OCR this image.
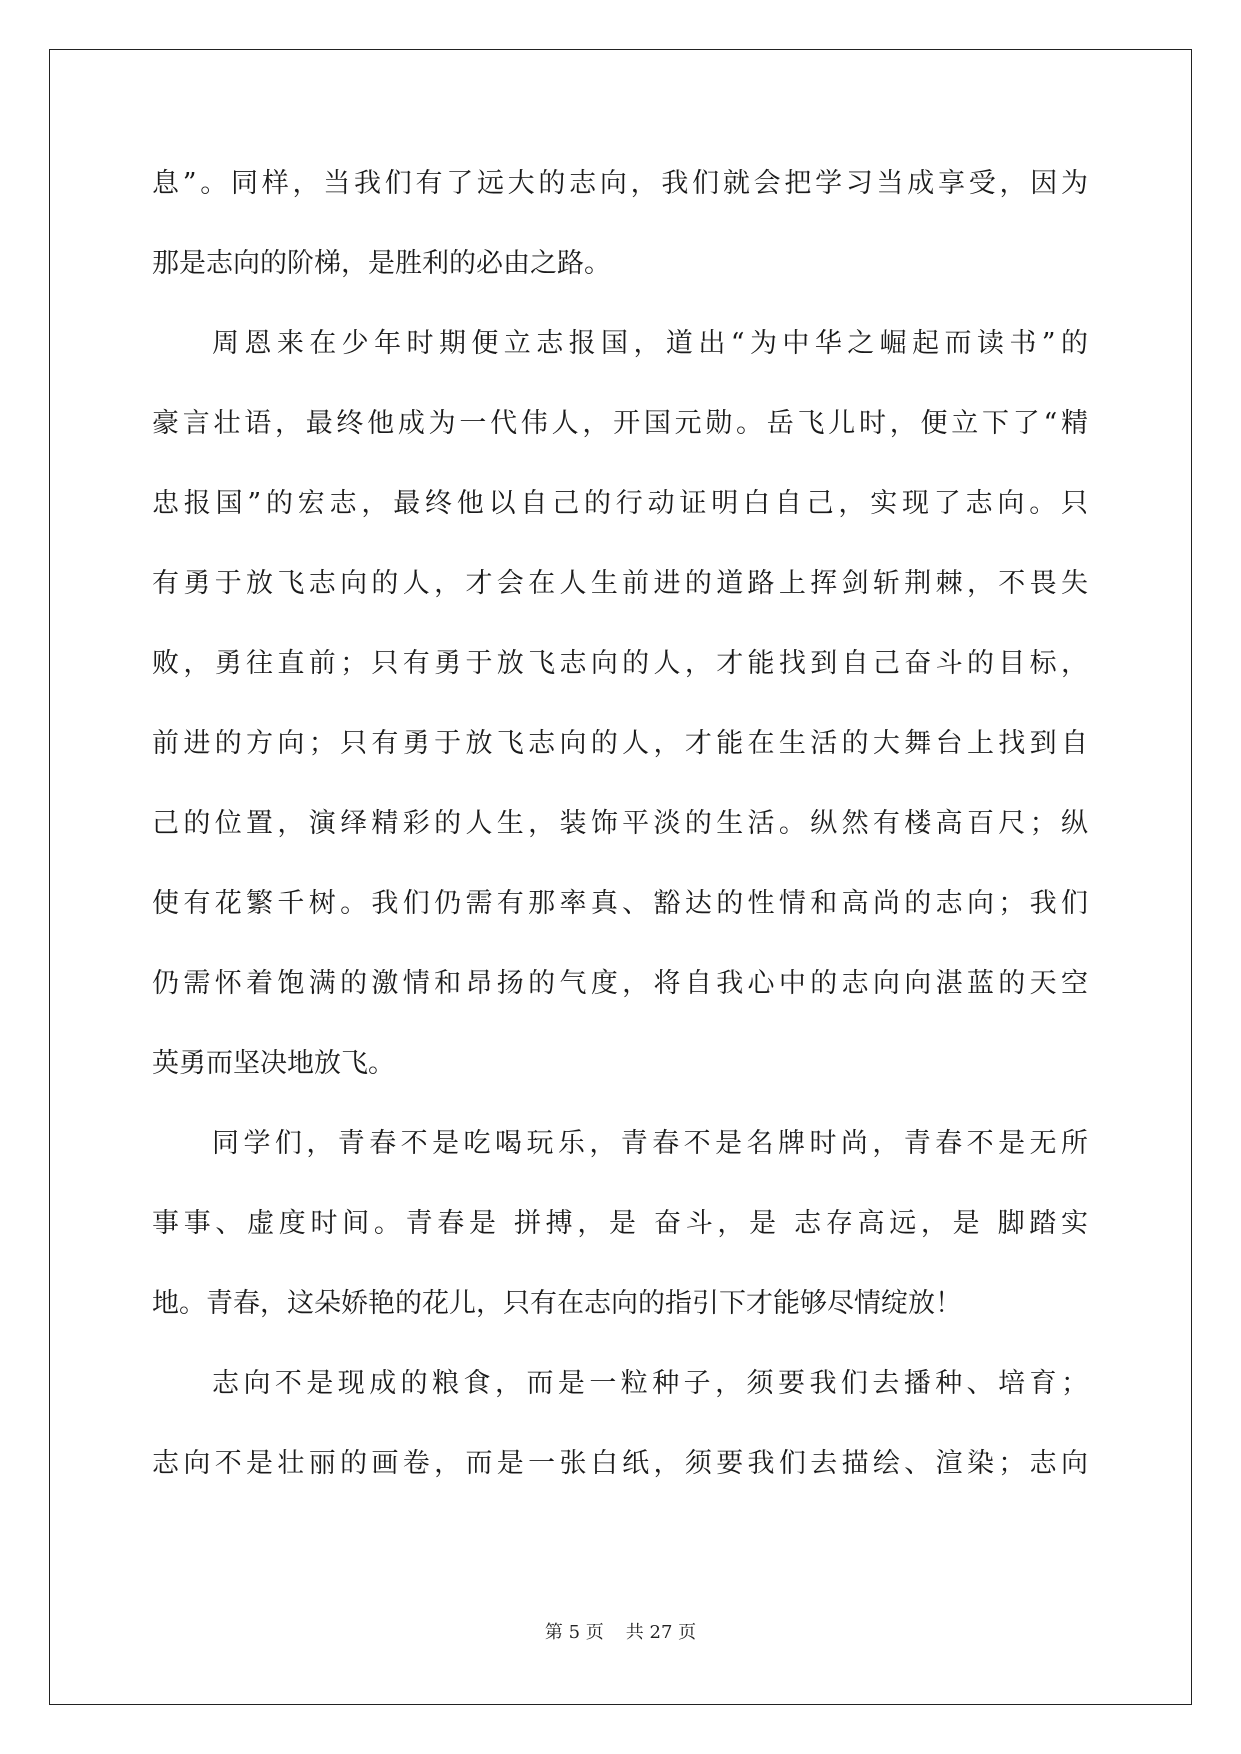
息”。同样，当我们有了远大的志向，我们就会把学习当成享受，因为
那是志向的阶梯，是胜利的必由之路。
周恩来在少年时期便立志报国，道出“为中华之崛起而读书”的
豪言壮语，最终他成为一代伟人，开国元勋。岳飞儿时，便立下了“精
忠报国”的宏志，最终他以自己的行动证明白自己，实现了志向。只
有勇于放飞志向的人，才会在人生前进的道路上挥剑斩荆棘，不畏失
败，勇往直前；只有勇于放飞志向的人，才能找到自己奋斗的目标，
前进的方向；只有勇于放飞志向的人，才能在生活的大舞台上找到自
己的位置，演绎精彩的人生，装饰平淡的生活。纵然有楼高百尺；纵
使有花繁千树。我们仍需有那率真、豁达的性情和高尚的志向；我们
仍需怀着饱满的激情和昂扬的气度，将自我心中的志向向湛蓝的天空
英勇而坚决地放飞。
同学们，青春不是吃喝玩乐，青春不是名牌时尚，青春不是无所
事事、虚度时间。青春是 拼搏，是 奋斗，是 志存高远，是 脚踏实
地。青春，这朵娇艳的花儿，只有在志向的指引下才能够尽情绽放！
志向不是现成的粮食，而是一粒种子，须要我们去播种、培育；
志向不是壮丽的画卷，而是一张白纸，须要我们去描绘、渲染；志向
第 5 页 共 27 页
